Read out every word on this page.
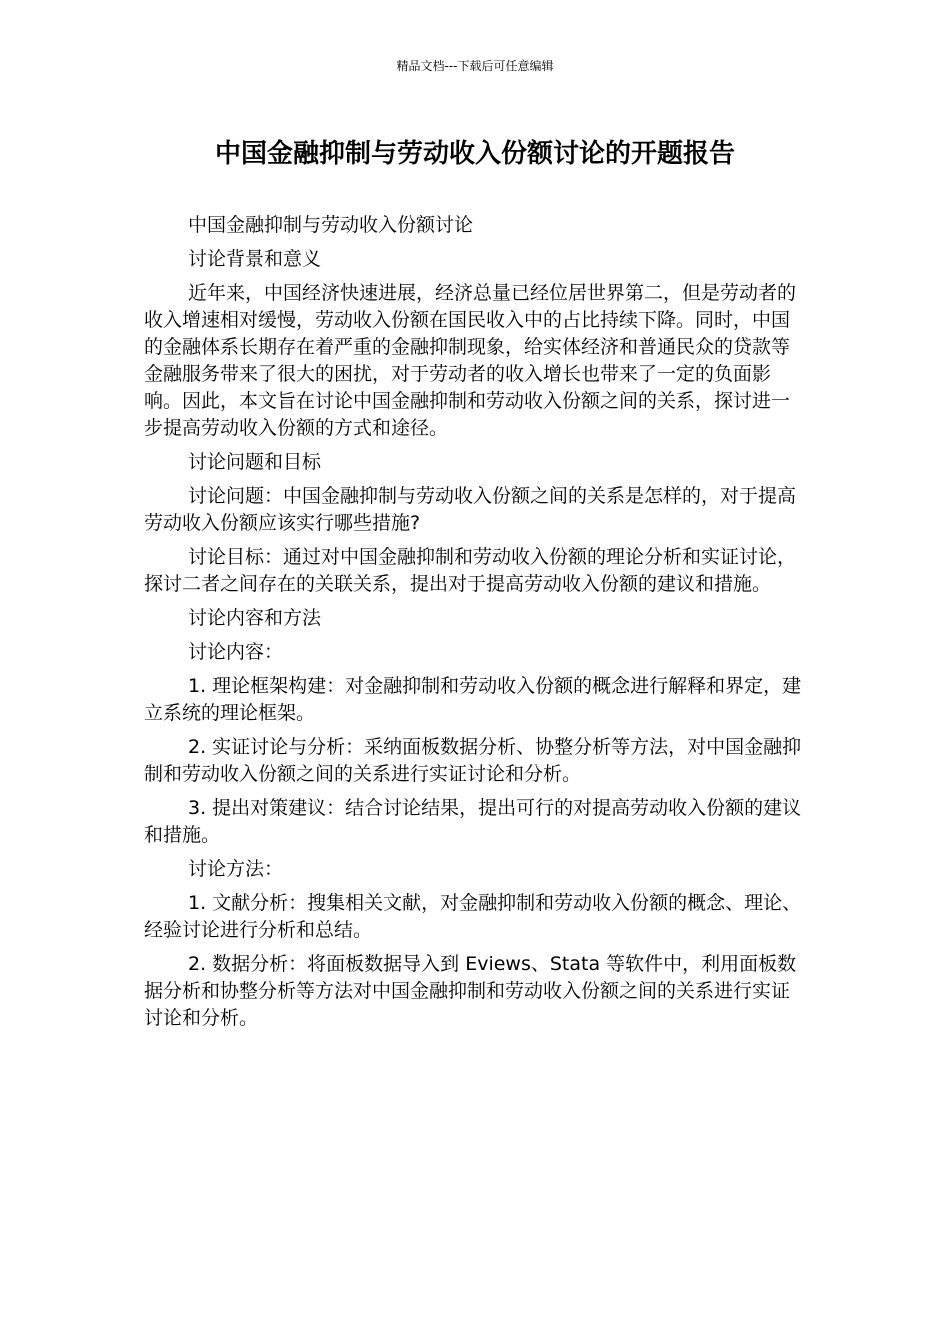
精品文档---下载后可任意编辑
中国金融抑制与劳动收入份额讨论的开题报告

中国金融抑制与劳动收入份额讨论

讨论背景和意义

近年来，中国经济快速进展，经济总量已经位居世界第二，但是劳动者的收入增速相对缓慢，劳动收入份额在国民收入中的占比持续下降。同时，中国的金融体系长期存在着严重的金融抑制现象，给实体经济和普通民众的贷款等金融服务带来了很大的困扰，对于劳动者的收入增长也带来了一定的负面影响。因此，本文旨在讨论中国金融抑制和劳动收入份额之间的关系，探讨进一步提高劳动收入份额的方式和途径。

讨论问题和目标

讨论问题：中国金融抑制与劳动收入份额之间的关系是怎样的，对于提高劳动收入份额应该实行哪些措施?

讨论目标：通过对中国金融抑制和劳动收入份额的理论分析和实证讨论，探讨二者之间存在的关联关系，提出对于提高劳动收入份额的建议和措施。

讨论内容和方法

讨论内容：

1. 理论框架构建：对金融抑制和劳动收入份额的概念进行解释和界定，建立系统的理论框架。

2. 实证讨论与分析：采纳面板数据分析、协整分析等方法，对中国金融抑制和劳动收入份额之间的关系进行实证讨论和分析。

3. 提出对策建议：结合讨论结果，提出可行的对提高劳动收入份额的建议和措施。

讨论方法：

1. 文献分析：搜集相关文献，对金融抑制和劳动收入份额的概念、理论、经验讨论进行分析和总结。

2. 数据分析：将面板数据导入到 Eviews、Stata 等软件中，利用面板数据分析和协整分析等方法对中国金融抑制和劳动收入份额之间的关系进行实证讨论和分析。
